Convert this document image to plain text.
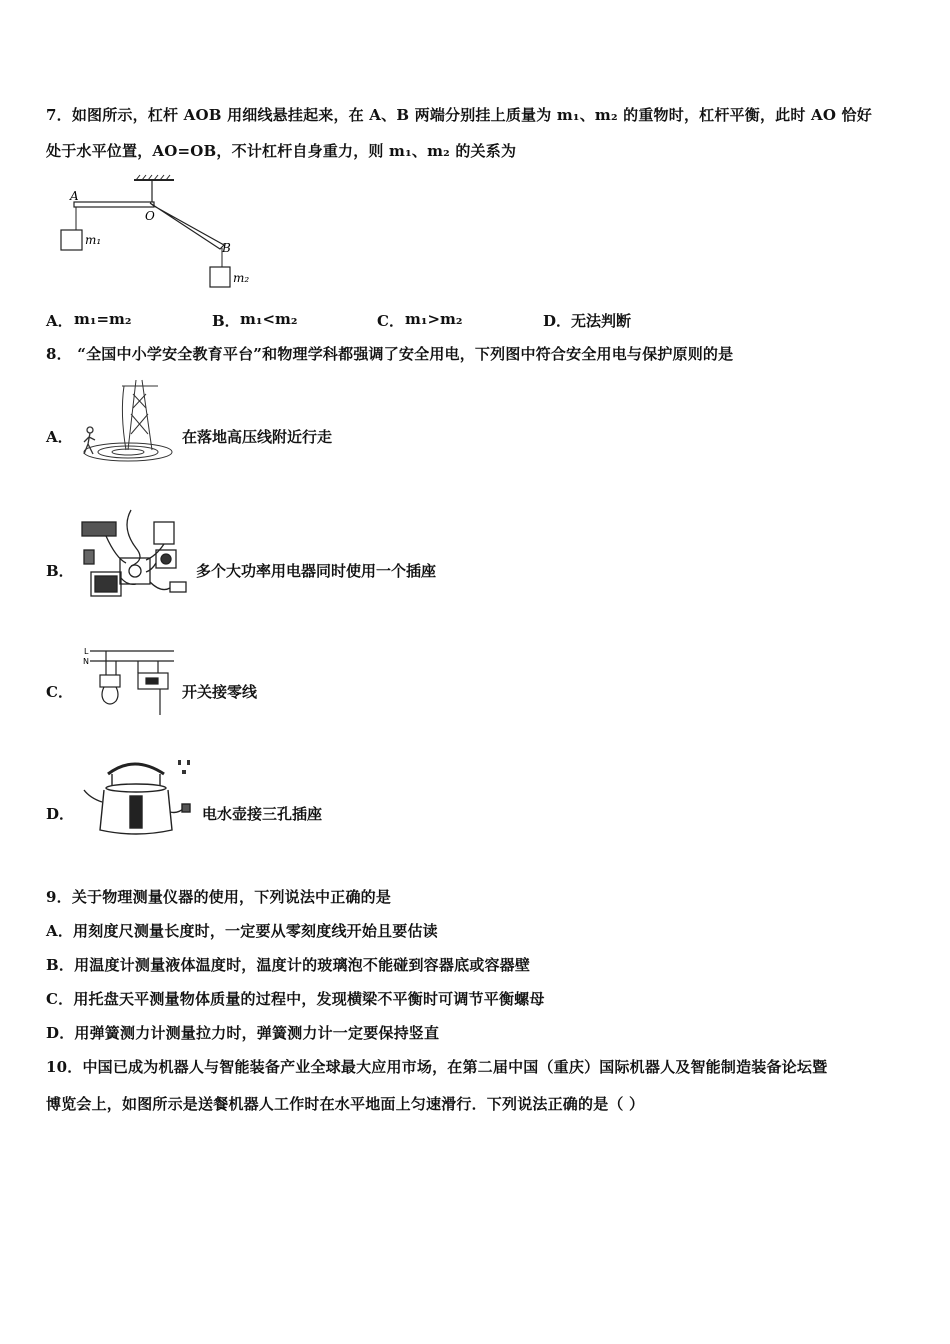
7．如图所示，杠杆 AOB 用细线悬挂起来，在 A、B 两端分别挂上质量为 m₁、m₂ 的重物时，杠杆平衡，此时 AO 恰好
处于水平位置，AO=OB，不计杠杆自身重力，则 m₁、m₂ 的关系为
A
O
B
m₁
m₂
A． m₁=m₂	B． m₁<m₂	C． m₁>m₂	D． 无法判断
8． “全国中小学安全教育平台”和物理学科都强调了安全用电，下列图中符合安全用电与保护原则的是
A．	在落地高压线附近行走
B．	多个大功率用电器同时使用一个插座
C．
L
N
开关接零线
D．	电水壶接三孔插座
9．关于物理测量仪器的使用，下列说法中正确的是
A．用刻度尺测量长度时，一定要从零刻度线开始且要估读
B．用温度计测量液体温度时，温度计的玻璃泡不能碰到容器底或容器壁
C．用托盘天平测量物体质量的过程中，发现横梁不平衡时可调节平衡螺母
D．用弹簧测力计测量拉力时，弹簧测力计一定要保持竖直
10．中国已成为机器人与智能装备产业全球最大应用市场，在第二届中国（重庆）国际机器人及智能制造装备论坛暨
博览会上，如图所示是送餐机器人工作时在水平地面上匀速滑行．下列说法正确的是（ ）
